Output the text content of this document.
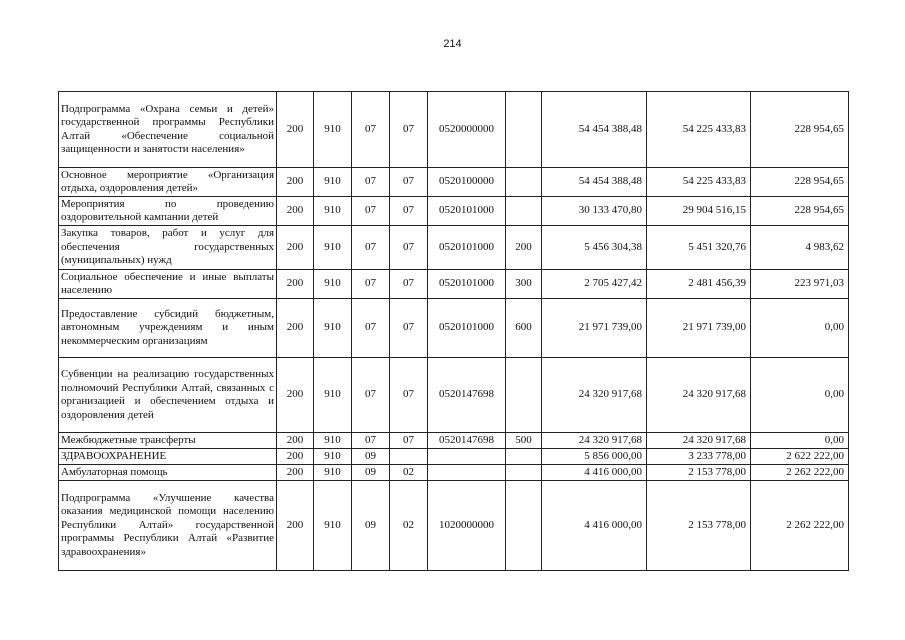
214
Подпрограмма «Охрана семьи и детей» государственной программы Республики Алтай «Обеспечение социальной защищенности и занятости населения»	200	910	07	07	0520000000		54 454 388,48	54 225 433,83	228 954,65
Основное мероприятие «Организация отдыха, оздоровления детей»	200	910	07	07	0520100000		54 454 388,48	54 225 433,83	228 954,65
Мероприятия по проведению оздоровительной кампании детей	200	910	07	07	0520101000		30 133 470,80	29 904 516,15	228 954,65
Закупка товаров, работ и услуг для обеспечения государственных (муниципальных) нужд	200	910	07	07	0520101000	200	5 456 304,38	5 451 320,76	4 983,62
Социальное обеспечение и иные выплаты населению	200	910	07	07	0520101000	300	2 705 427,42	2 481 456,39	223 971,03
Предоставление субсидий бюджетным, автономным учреждениям и иным некоммерческим организациям	200	910	07	07	0520101000	600	21 971 739,00	21 971 739,00	0,00
Субвенции на реализацию государственных полномочий Республики Алтай, связанных с организацией и обеспечением отдыха и оздоровления детей	200	910	07	07	0520147698		24 320 917,68	24 320 917,68	0,00
Межбюджетные трансферты	200	910	07	07	0520147698	500	24 320 917,68	24 320 917,68	0,00
ЗДРАВООХРАНЕНИЕ	200	910	09				5 856 000,00	3 233 778,00	2 622 222,00
Амбулаторная помощь	200	910	09	02			4 416 000,00	2 153 778,00	2 262 222,00
Подпрограмма «Улучшение качества оказания медицинской помощи населению Республики Алтай» государственной программы Республики Алтай «Развитие здравоохранения»	200	910	09	02	1020000000		4 416 000,00	2 153 778,00	2 262 222,00
